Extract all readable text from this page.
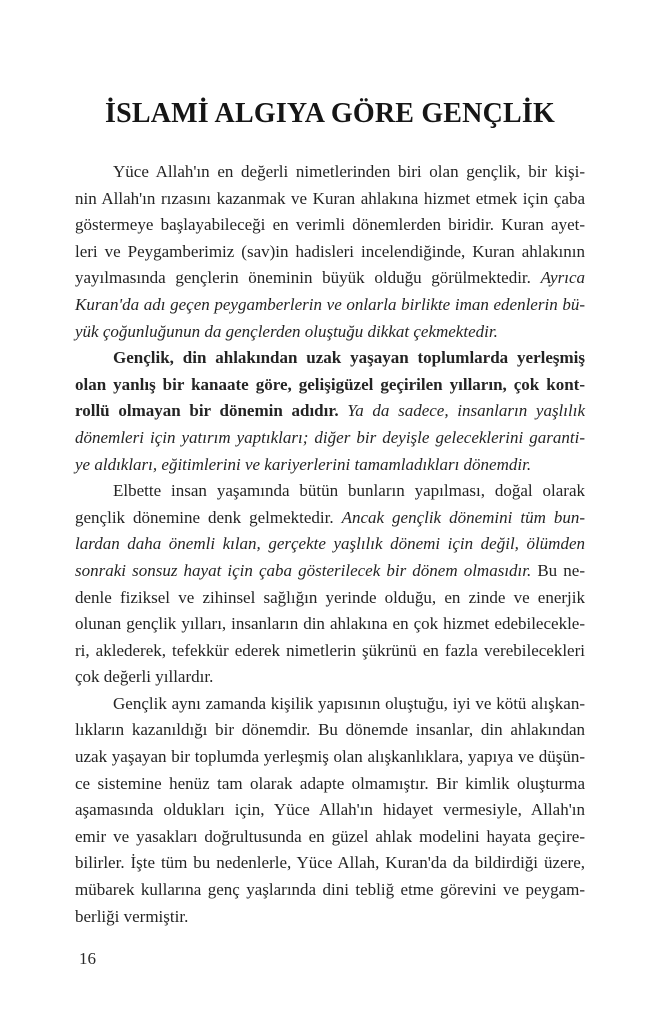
İSLAMİ ALGIYA GÖRE GENÇLİK
Yüce Allah'ın en değerli nimetlerinden biri olan gençlik, bir kişi-
nin Allah'ın rızasını kazanmak ve Kuran ahlakına hizmet etmek için çaba
göstermeye başlayabileceği en verimli dönemlerden biridir. Kuran ayet-
leri ve Peygamberimiz (sav)in hadisleri incelendiğinde, Kuran ahlakının
yayılmasında gençlerin öneminin büyük olduğu görülmektedir. Ayrıca
Kuran'da adı geçen peygamberlerin ve onlarla birlikte iman edenlerin bü-
yük çoğunluğunun da gençlerden oluştuğu dikkat çekmektedir.
Gençlik, din ahlakından uzak yaşayan toplumlarda yerleşmiş
olan yanlış bir kanaate göre, gelişigüzel geçirilen yılların, çok kont-
rollü olmayan bir dönemin adıdır. Ya da sadece, insanların yaşlılık
dönemleri için yatırım yaptıkları; diğer bir deyişle geleceklerini garanti-
ye aldıkları, eğitimlerini ve kariyerlerini tamamladıkları dönemdir.
Elbette insan yaşamında bütün bunların yapılması, doğal olarak
gençlik dönemine denk gelmektedir. Ancak gençlik dönemini tüm bun-
lardan daha önemli kılan, gerçekte yaşlılık dönemi için değil, ölümden
sonraki sonsuz hayat için çaba gösterilecek bir dönem olmasıdır. Bu ne-
denle fiziksel ve zihinsel sağlığın yerinde olduğu, en zinde ve enerjik
olunan gençlik yılları, insanların din ahlakına en çok hizmet edebilecekle-
ri, aklederek, tefekkür ederek nimetlerin şükrünü en fazla verebilecekleri
çok değerli yıllardır.
Gençlik aynı zamanda kişilik yapısının oluştuğu, iyi ve kötü alışkan-
lıkların kazanıldığı bir dönemdir. Bu dönemde insanlar, din ahlakından
uzak yaşayan bir toplumda yerleşmiş olan alışkanlıklara, yapıya ve düşün-
ce sistemine henüz tam olarak adapte olmamıştır. Bir kimlik oluşturma
aşamasında oldukları için, Yüce Allah'ın hidayet vermesiyle, Allah'ın
emir ve yasakları doğrultusunda en güzel ahlak modelini hayata geçire-
bilirler. İşte tüm bu nedenlerle, Yüce Allah, Kuran'da da bildirdiği üzere,
mübarek kullarına genç yaşlarında dini tebliğ etme görevini ve peygam-
berliği vermiştir.
16
